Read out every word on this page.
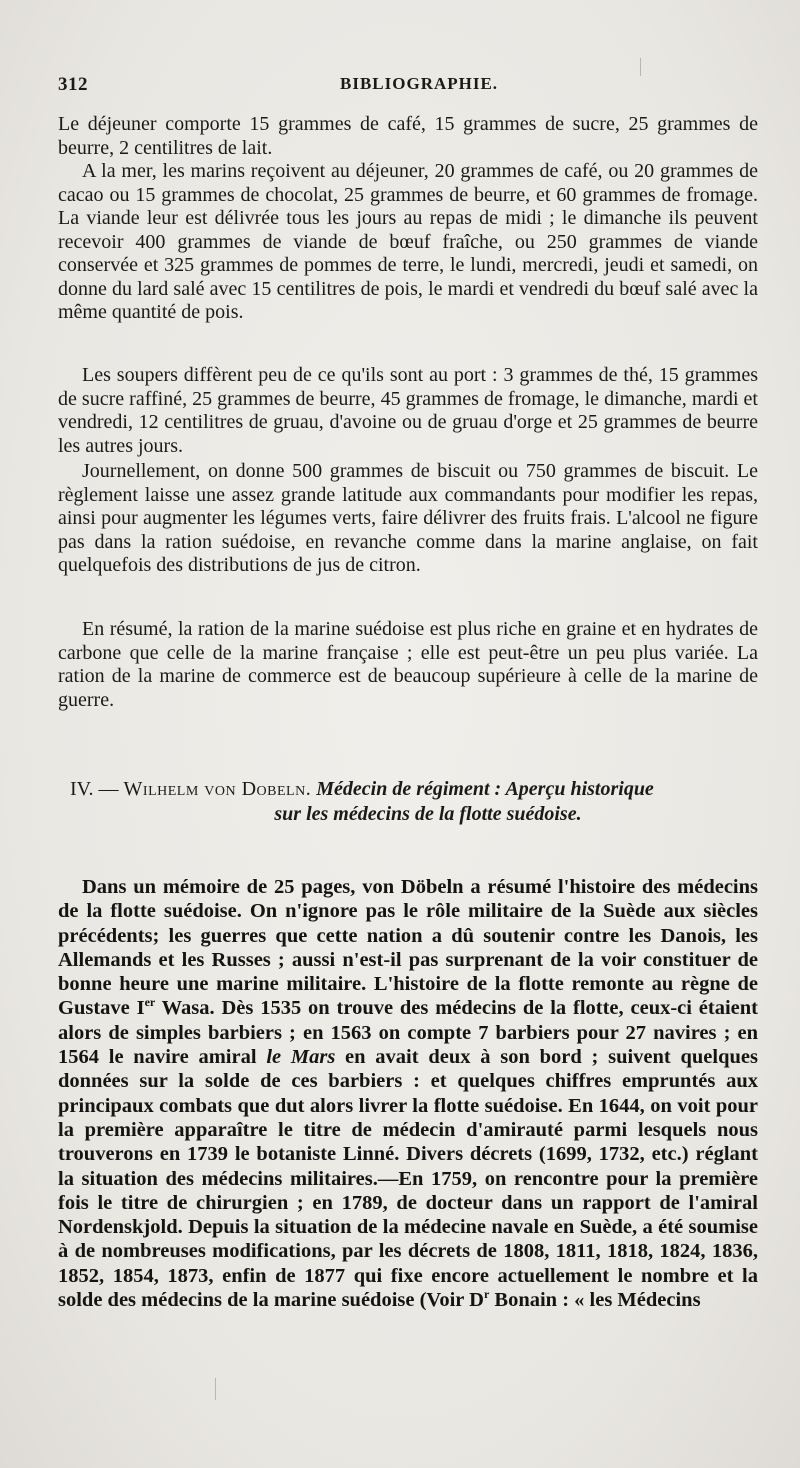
312	BIBLIOGRAPHIE.

Le déjeuner comporte 15 grammes de café, 15 grammes de sucre, 25 grammes de beurre, 2 centilitres de lait.

A la mer, les marins reçoivent au déjeuner, 20 grammes de café, ou 20 grammes de cacao ou 15 grammes de chocolat, 25 grammes de beurre, et 60 grammes de fromage. La viande leur est délivrée tous les jours au repas de midi ; le dimanche ils peuvent recevoir 400 grammes de viande de bœuf fraîche, ou 250 grammes de viande conservée et 325 grammes de pommes de terre, le lundi, mercredi, jeudi et samedi, on donne du lard salé avec 15 centilitres de pois, le mardi et vendredi du bœuf salé avec la même quantité de pois.

Les soupers diffèrent peu de ce qu'ils sont au port : 3 grammes de thé, 15 grammes de sucre raffiné, 25 grammes de beurre, 45 grammes de fromage, le dimanche, mardi et vendredi, 12 centilitres de gruau, d'avoine ou de gruau d'orge et 25 grammes de beurre les autres jours.

Journellement, on donne 500 grammes de biscuit ou 750 grammes de biscuit. Le règlement laisse une assez grande latitude aux commandants pour modifier les repas, ainsi pour augmenter les légumes verts, faire délivrer des fruits frais. L'alcool ne figure pas dans la ration suédoise, en revanche comme dans la marine anglaise, on fait quelquefois des distributions de jus de citron.

En résumé, la ration de la marine suédoise est plus riche en graine et en hydrates de carbone que celle de la marine française ; elle est peut-être un peu plus variée. La ration de la marine de commerce est de beaucoup supérieure à celle de la marine de guerre.

IV. — Wilhelm von Dobeln. Médecin de régiment : Aperçu historique
sur les médecins de la flotte suédoise.

Dans un mémoire de 25 pages, von Döbeln a résumé l'histoire des médecins de la flotte suédoise. On n'ignore pas le rôle militaire de la Suède aux siècles précédents; les guerres que cette nation a dû soutenir contre les Danois, les Allemands et les Russes ; aussi n'est-il pas surprenant de la voir constituer de bonne heure une marine militaire. L'histoire de la flotte remonte au règne de Gustave Ier Wasa. Dès 1535 on trouve des médecins de la flotte, ceux-ci étaient alors de simples barbiers ; en 1563 on compte 7 barbiers pour 27 navires ; en 1564 le navire amiral le Mars en avait deux à son bord ; suivent quelques données sur la solde de ces barbiers : et quelques chiffres empruntés aux principaux combats que dut alors livrer la flotte suédoise. En 1644, on voit pour la première apparaître le titre de médecin d'amirauté parmi lesquels nous trouverons en 1739 le botaniste Linné. Divers décrets (1699, 1732, etc.) réglant la situation des médecins militaires.—En 1759, on rencontre pour la première fois le titre de chirurgien ; en 1789, de docteur dans un rapport de l'amiral Nordenskjold. Depuis la situation de la médecine navale en Suède, a été soumise à de nombreuses modifications, par les décrets de 1808, 1811, 1818, 1824, 1836, 1852, 1854, 1873, enfin de 1877 qui fixe encore actuellement le nombre et la solde des médecins de la marine suédoise (Voir $D^r$ Bonain : « les Médecins
